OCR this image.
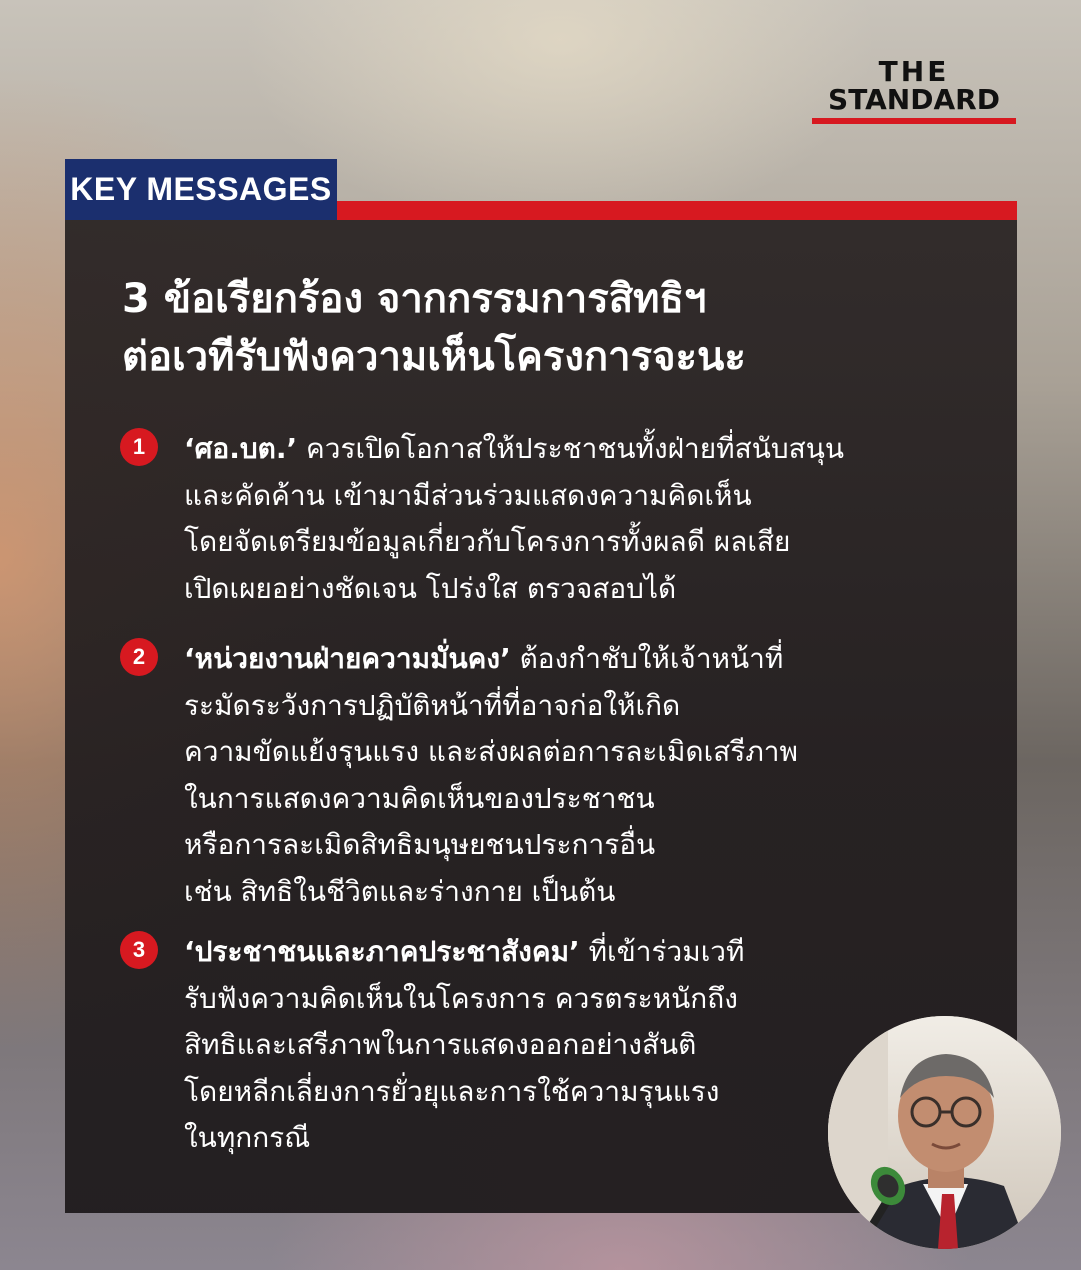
THE
STANDARD
KEY MESSAGES
3 ข้อเรียกร้อง จากกรรมการสิทธิฯ
ต่อเวทีรับฟังความเห็นโครงการจะนะ
1	‘ศอ.บต.’ ควรเปิดโอกาสให้ประชาชนทั้งฝ่ายที่สนับสนุน
และคัดค้าน เข้ามามีส่วนร่วมแสดงความคิดเห็น
โดยจัดเตรียมข้อมูลเกี่ยวกับโครงการทั้งผลดี ผลเสีย
เปิดเผยอย่างชัดเจน โปร่งใส ตรวจสอบได้
2	‘หน่วยงานฝ่ายความมั่นคง’ ต้องกำชับให้เจ้าหน้าที่
ระมัดระวังการปฏิบัติหน้าที่ที่อาจก่อให้เกิด
ความขัดแย้งรุนแรง และส่งผลต่อการละเมิดเสรีภาพ
ในการแสดงความคิดเห็นของประชาชน
หรือการละเมิดสิทธิมนุษยชนประการอื่น
เช่น สิทธิในชีวิตและร่างกาย เป็นต้น
3	‘ประชาชนและภาคประชาสังคม’ ที่เข้าร่วมเวที
รับฟังความคิดเห็นในโครงการ ควรตระหนักถึง
สิทธิและเสรีภาพในการแสดงออกอย่างสันติ
โดยหลีกเลี่ยงการยั่วยุและการใช้ความรุนแรง
ในทุกกรณี
